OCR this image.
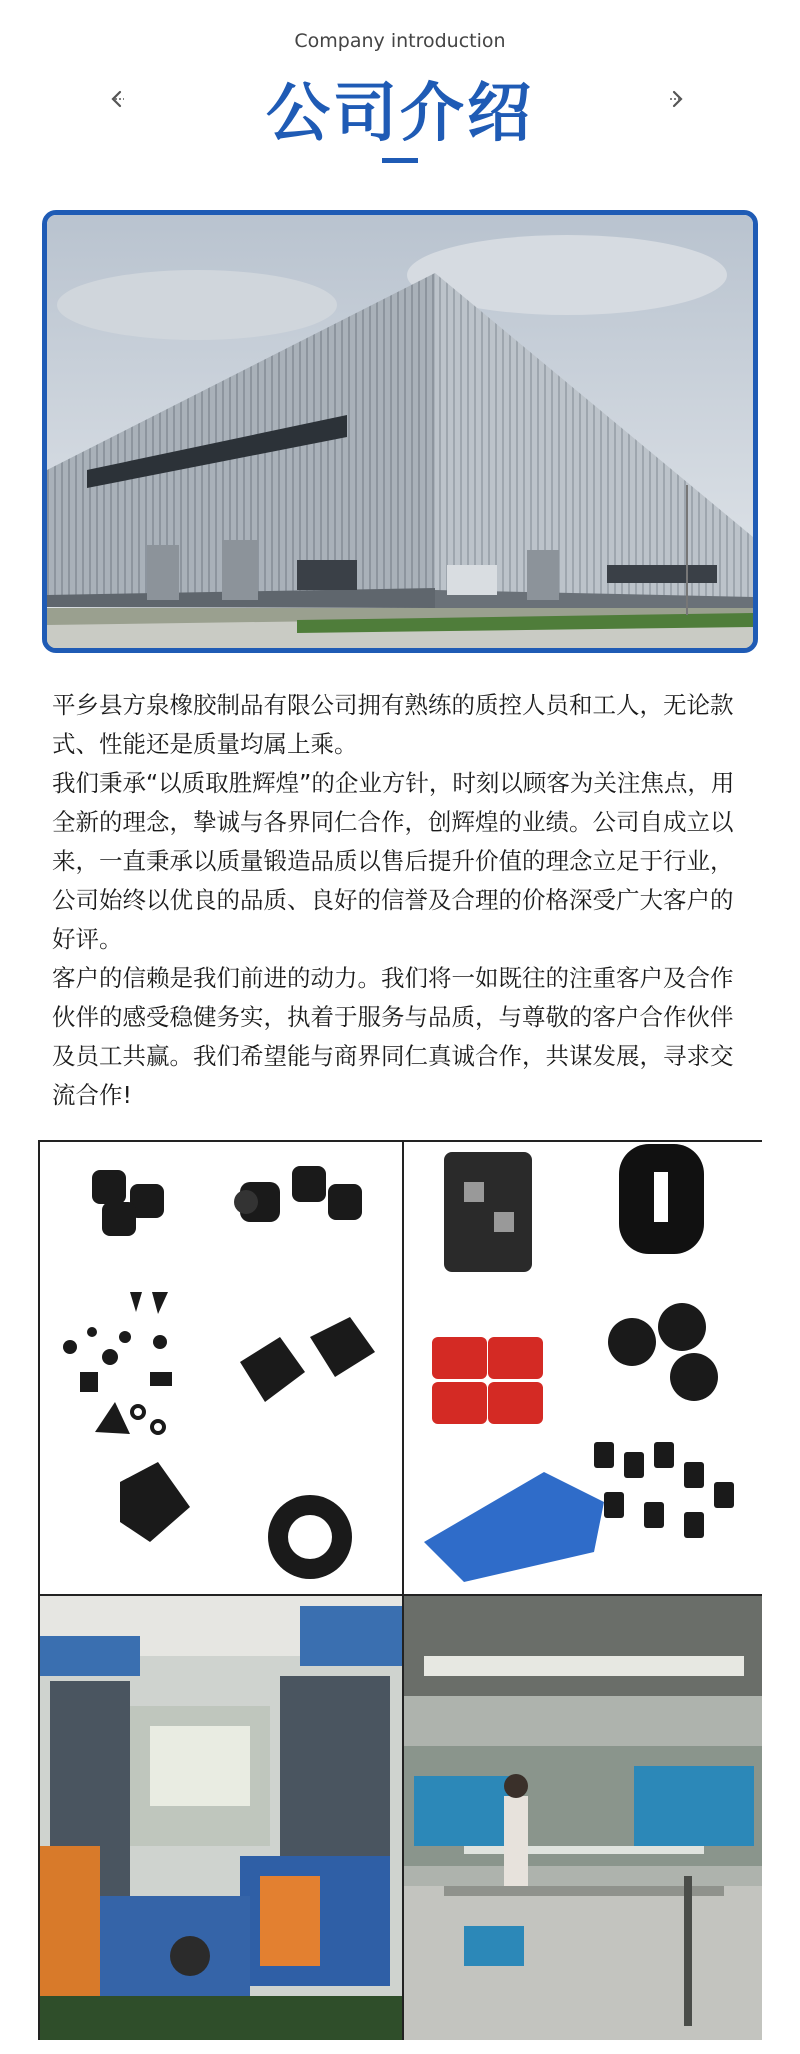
Company introduction
公司介绍

平乡县方泉橡胶制品有限公司拥有熟练的质控人员和工人，无论款式、性能还是质量均属上乘。

我们秉承“以质取胜辉煌”的企业方针，时刻以顾客为关注焦点，用全新的理念，挚诚与各界同仁合作，创辉煌的业绩。公司自成立以来，一直秉承以质量锻造品质以售后提升价值的理念立足于行业，公司始终以优良的品质、良好的信誉及合理的价格深受广大客户的好评。

客户的信赖是我们前进的动力。我们将一如既往的注重客户及合作伙伴的感受稳健务实，执着于服务与品质，与尊敬的客户合作伙伴及员工共赢。我们希望能与商界同仁真诚合作，共谋发展，寻求交流合作!
